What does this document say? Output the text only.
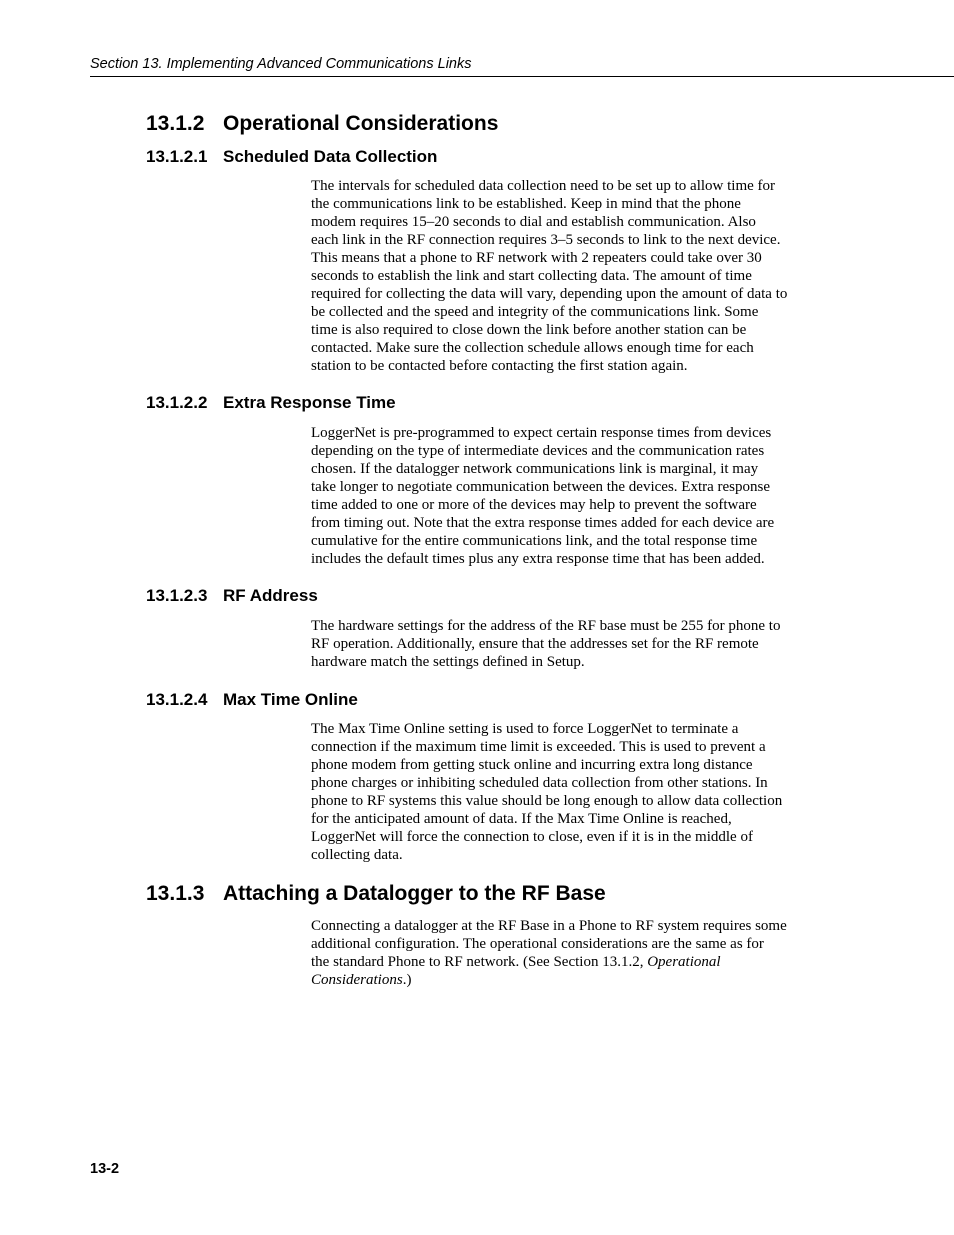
Section 13. Implementing Advanced Communications Links
13.1.2 Operational Considerations
13.1.2.1 Scheduled Data Collection
The intervals for scheduled data collection need to be set up to allow time for
the communications link to be established. Keep in mind that the phone
modem requires 15–20 seconds to dial and establish communication. Also
each link in the RF connection requires 3–5 seconds to link to the next device.
This means that a phone to RF network with 2 repeaters could take over 30
seconds to establish the link and start collecting data. The amount of time
required for collecting the data will vary, depending upon the amount of data to
be collected and the speed and integrity of the communications link. Some
time is also required to close down the link before another station can be
contacted. Make sure the collection schedule allows enough time for each
station to be contacted before contacting the first station again.
13.1.2.2 Extra Response Time
LoggerNet is pre-programmed to expect certain response times from devices
depending on the type of intermediate devices and the communication rates
chosen. If the datalogger network communications link is marginal, it may
take longer to negotiate communication between the devices. Extra response
time added to one or more of the devices may help to prevent the software
from timing out. Note that the extra response times added for each device are
cumulative for the entire communications link, and the total response time
includes the default times plus any extra response time that has been added.
13.1.2.3 RF Address
The hardware settings for the address of the RF base must be 255 for phone to
RF operation. Additionally, ensure that the addresses set for the RF remote
hardware match the settings defined in Setup.
13.1.2.4 Max Time Online
The Max Time Online setting is used to force LoggerNet to terminate a
connection if the maximum time limit is exceeded. This is used to prevent a
phone modem from getting stuck online and incurring extra long distance
phone charges or inhibiting scheduled data collection from other stations. In
phone to RF systems this value should be long enough to allow data collection
for the anticipated amount of data. If the Max Time Online is reached,
LoggerNet will force the connection to close, even if it is in the middle of
collecting data.
13.1.3 Attaching a Datalogger to the RF Base
Connecting a datalogger at the RF Base in a Phone to RF system requires some
additional configuration. The operational considerations are the same as for
the standard Phone to RF network. (See Section 13.1.2, Operational
Considerations.)
13-2
